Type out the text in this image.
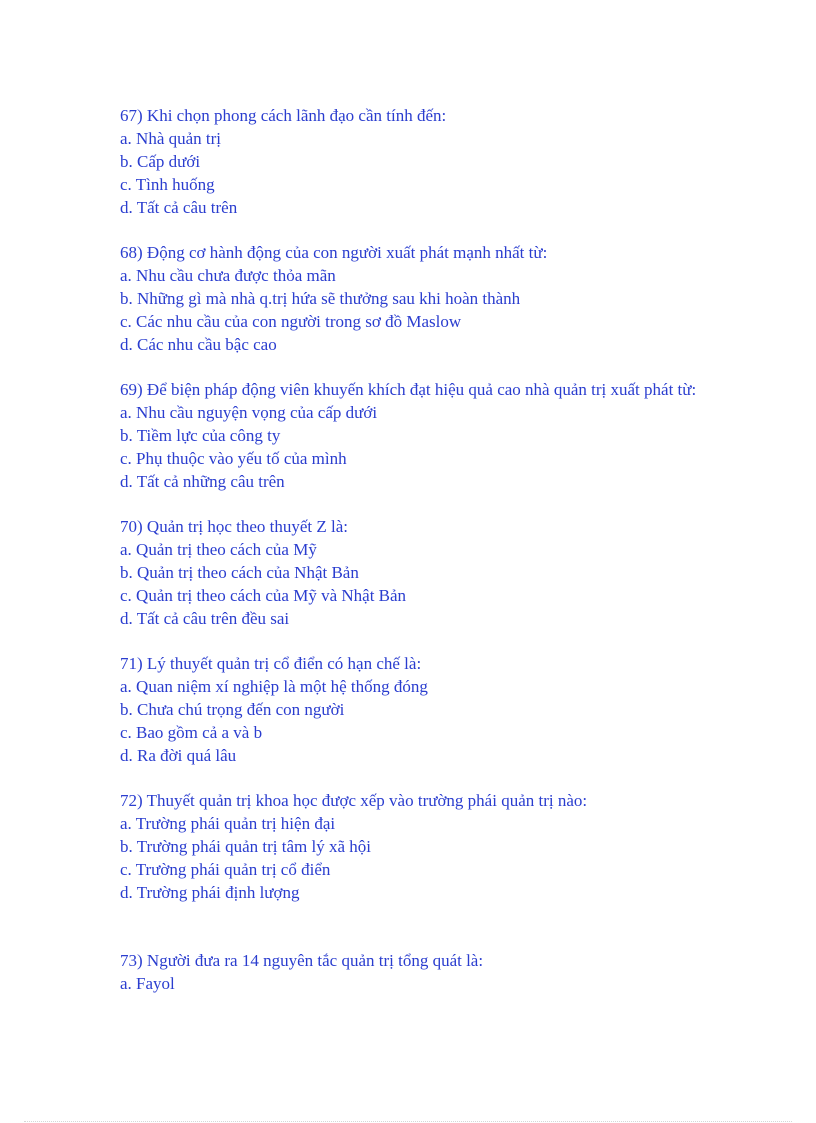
67) Khi chọn phong cách lãnh đạo cần tính đến:
a. Nhà quản trị
b. Cấp dưới
c. Tình huống
d. Tất cả câu trên
68) Động cơ hành động của con người xuất phát mạnh nhất từ:
a. Nhu cầu chưa được thỏa mãn
b. Những gì mà nhà q.trị hứa sẽ thưởng sau khi hoàn thành
c. Các nhu cầu của con người trong sơ đồ Maslow
d. Các nhu cầu bậc cao
69) Để biện pháp động viên khuyến khích đạt hiệu quả cao nhà quản trị xuất phát từ:
a. Nhu cầu nguyện vọng của cấp dưới
b. Tiềm lực của công ty
c. Phụ thuộc vào yếu tố của mình
d. Tất cả những câu trên
70) Quản trị học theo thuyết Z là:
a. Quản trị theo cách của Mỹ
b. Quản trị theo cách của Nhật Bản
c. Quản trị theo cách của Mỹ và Nhật Bản
d. Tất cả câu trên đều sai
71) Lý thuyết quản trị cổ điển có hạn chế là:
a. Quan niệm xí nghiệp là một hệ thống đóng
b. Chưa chú trọng đến con người
c. Bao gồm cả a và b
d. Ra đời quá lâu
72) Thuyết quản trị khoa học được xếp vào trường phái quản trị nào:
a. Trường phái quản trị hiện đại
b. Trường phái quản trị tâm lý xã hội
c. Trường phái quản trị cổ điển
d. Trường phái định lượng
73) Người đưa ra 14 nguyên tắc quản trị tổng quát là:
a. Fayol
